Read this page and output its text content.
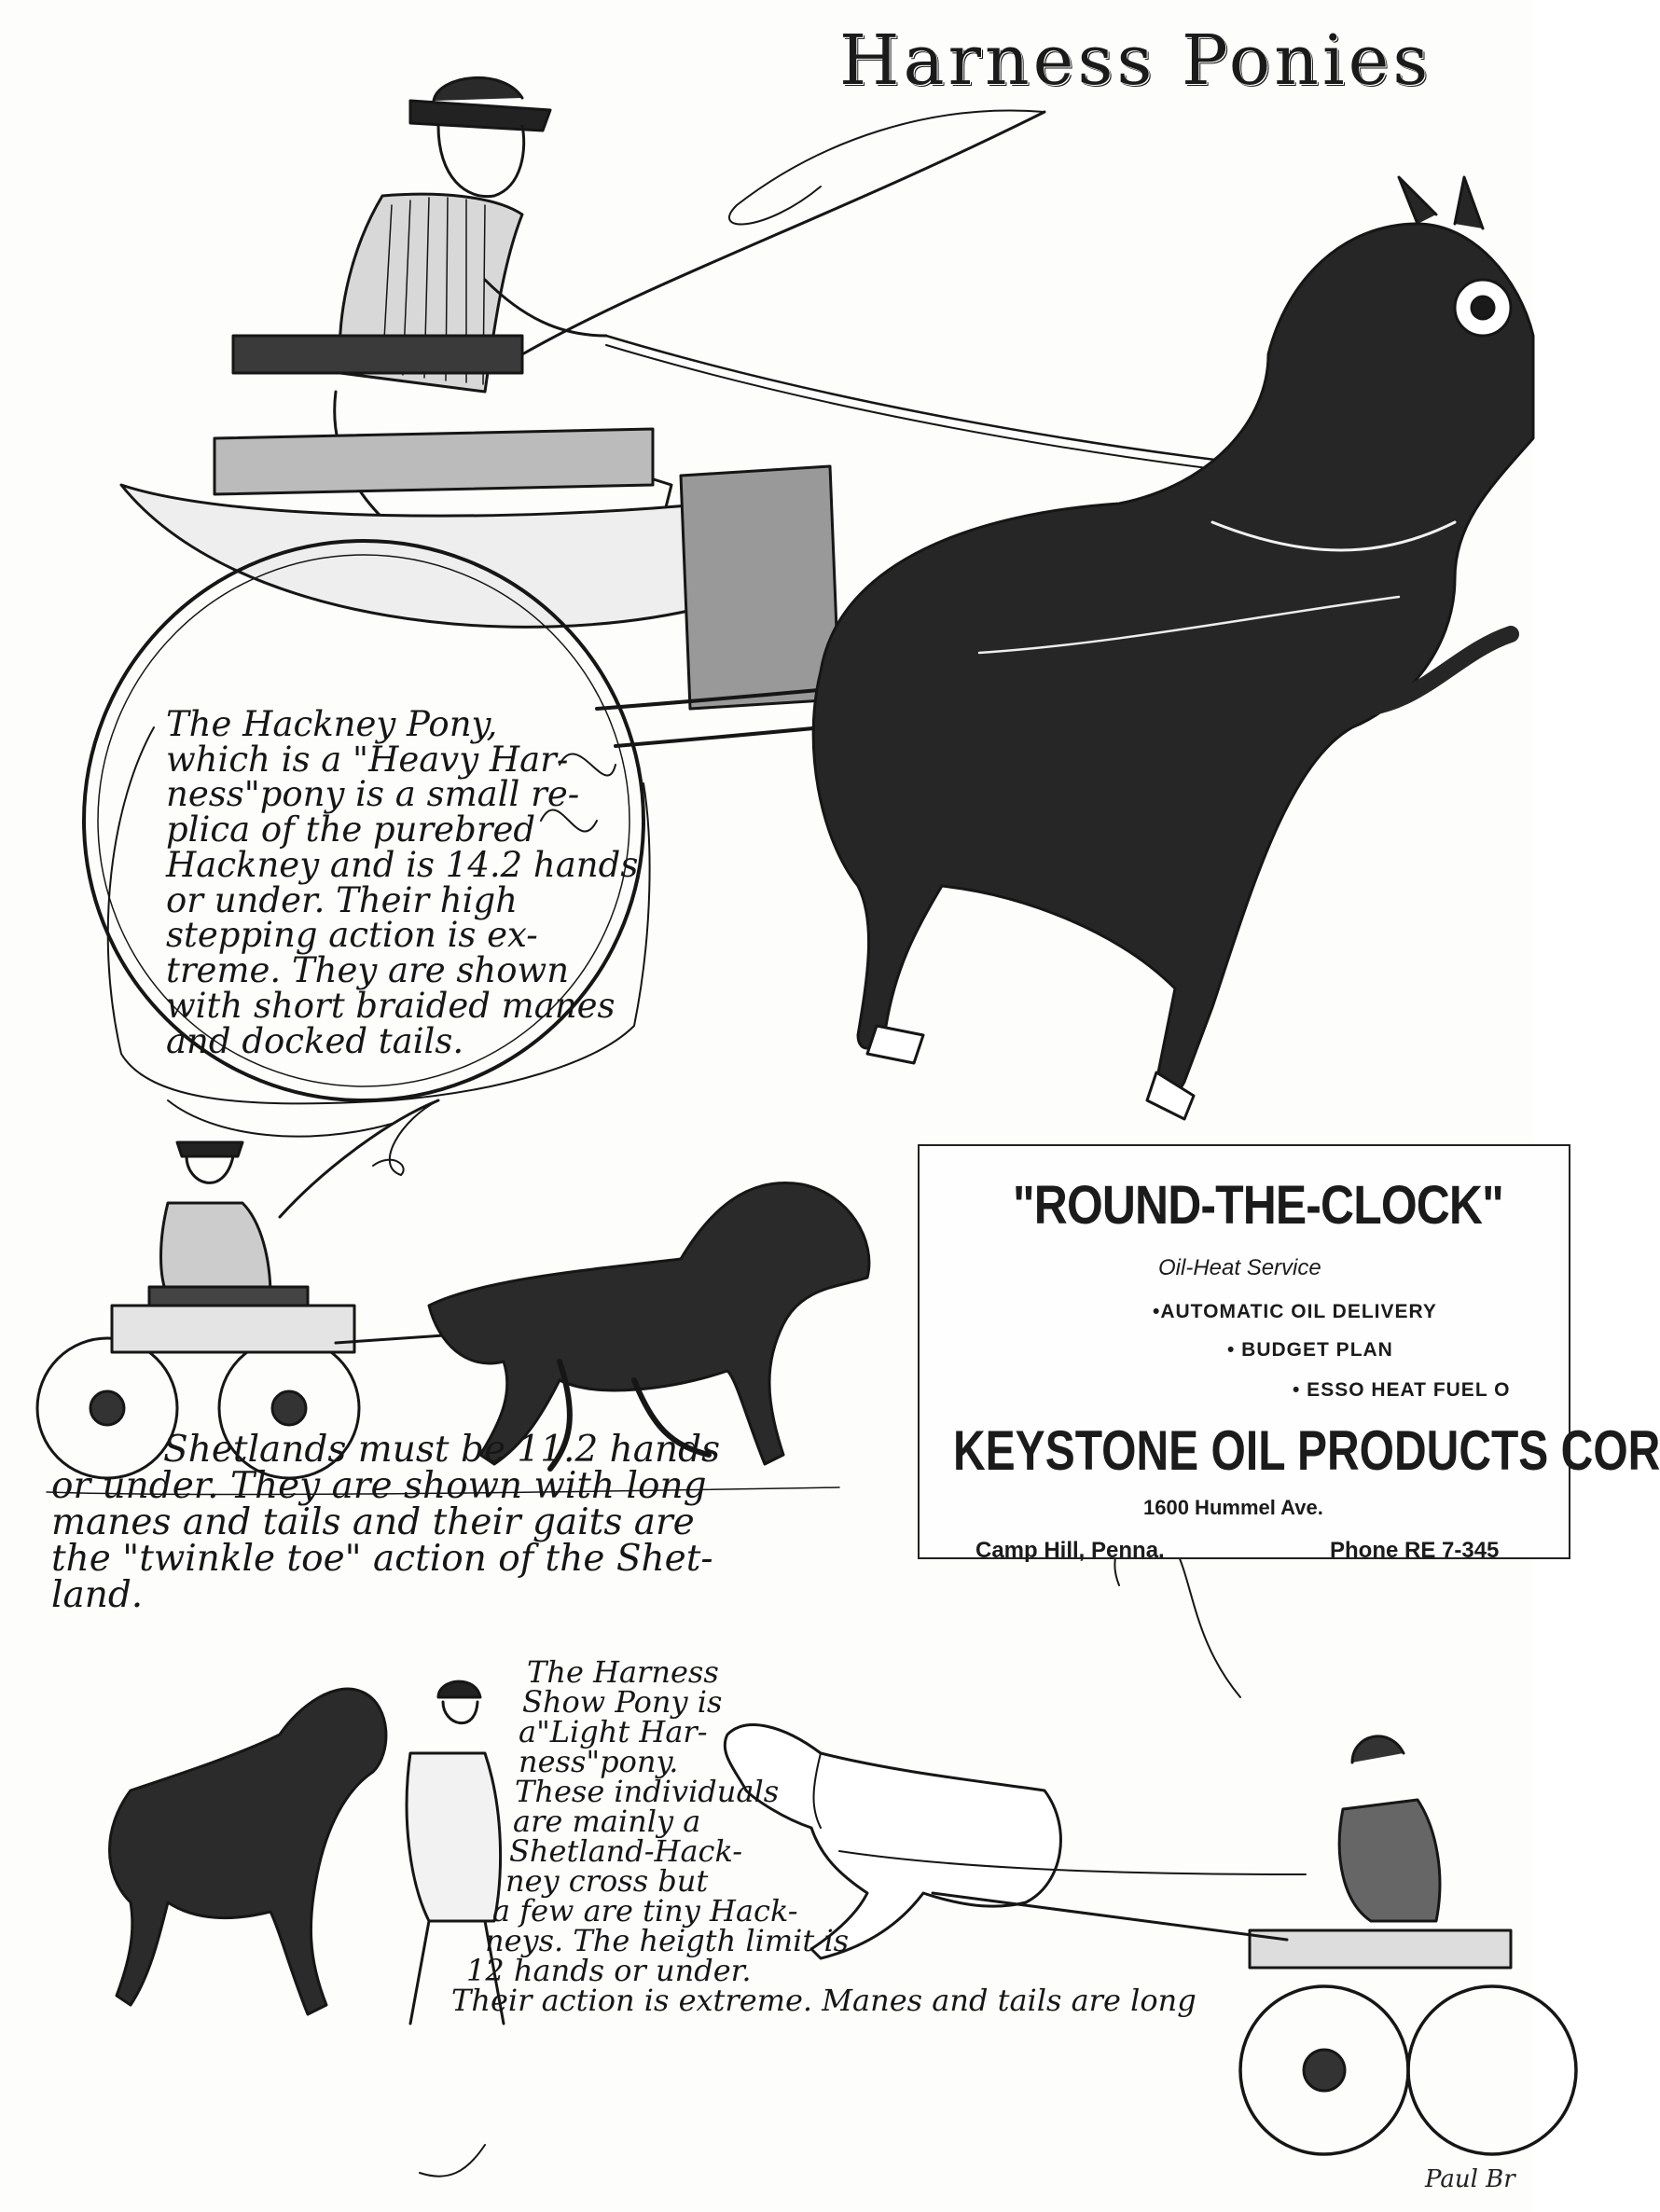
Harness Ponies
The Hackney Pony,
which is a "Heavy Har-
ness"pony is a small re-
plica of the purebred
Hackney and is 14.2 hands
or under. Their high
stepping action is ex-
treme. They are shown
with short braided manes
and docked tails.
Shetlands must be 11.2 hands
or under. They are shown with long
manes and tails and their gaits are
the "twinkle toe" action of the Shet-
land.
The Harness
Show Pony is
a"Light Har-
ness"pony.
These individuals
are mainly a
Shetland-Hack-
ney cross but
a few are tiny Hack-
neys. The heigth limit is
12 hands or under.
Their action is extreme. Manes and tails are long
"ROUND-THE-CLOCK"
Oil-Heat Service
•AUTOMATIC OIL DELIVERY
• BUDGET PLAN
• ESSO HEAT FUEL O
KEYSTONE OIL PRODUCTS COR
1600 Hummel Ave.
Camp Hill, Penna.	Phone RE 7-345
Paul Br
